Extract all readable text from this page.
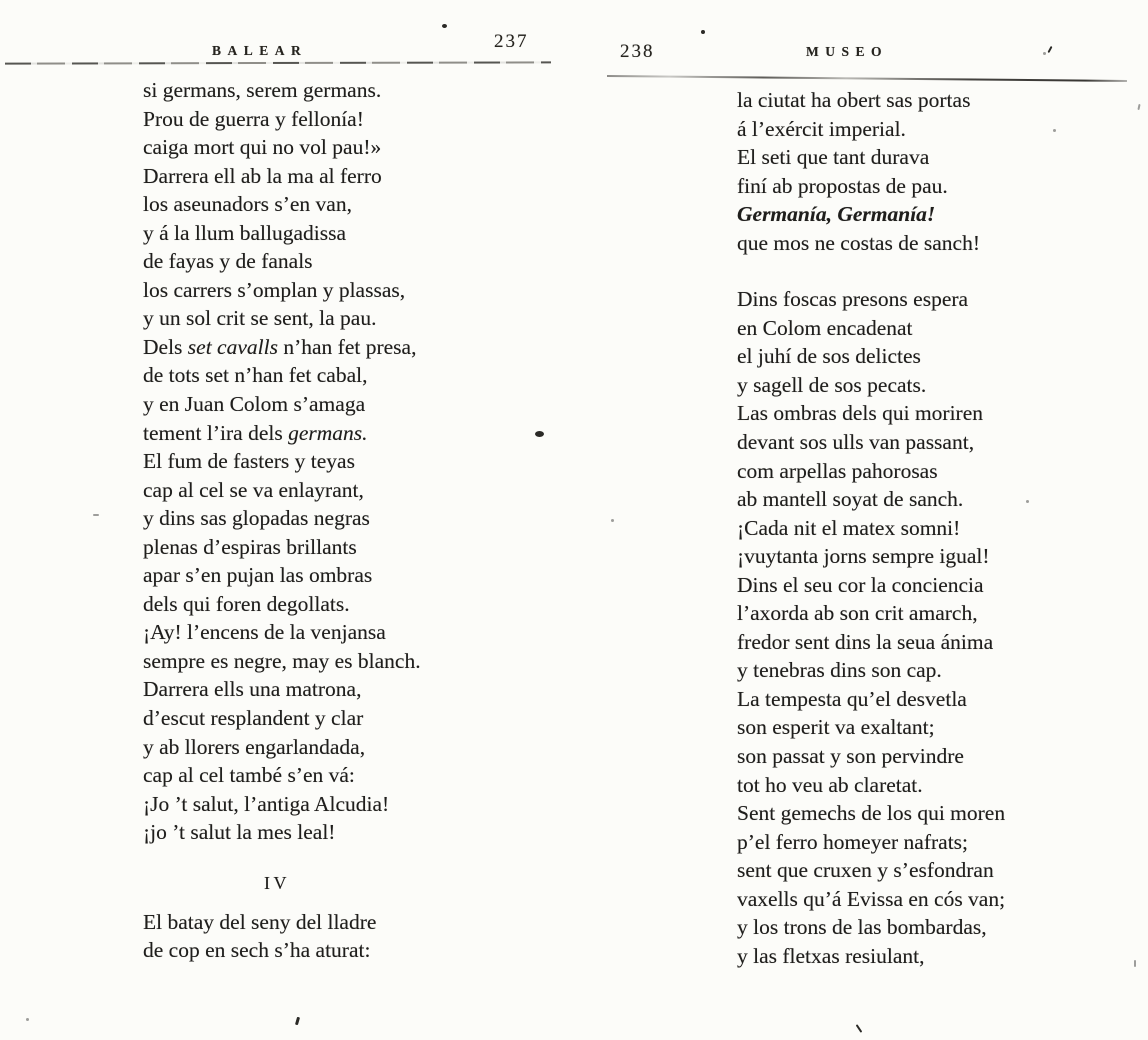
BALEAR	237	238	MUSEO
si germans, serem germans.
Prou de guerra y fellonía!
caiga mort qui no vol pau!»
Darrera ell ab la ma al ferro
los aseunadors s’en van,
y á la llum ballugadissa
de fayas y de fanals
los carrers s’omplan y plassas,
y un sol crit se sent, la pau.
Dels set cavalls n’han fet presa,
de tots set n’han fet cabal,
y en Juan Colom s’amaga
tement l’ira dels germans.
El fum de fasters y teyas
cap al cel se va enlayrant,
y dins sas glopadas negras
plenas d’espiras brillants
apar s’en pujan las ombras
dels qui foren degollats.
¡Ay! l’encens de la venjansa
sempre es negre, may es blanch.
Darrera ells una matrona,
d’escut resplandent y clar
y ab llorers engarlandada,
cap al cel també s’en vá:
¡Jo ’t salut, l’antiga Alcudia!
¡jo ’t salut la mes leal!
IV
El batay del seny del lladre
de cop en sech s’ha aturat:
la ciutat ha obert sas portas
á l’exércit imperial.
El seti que tant durava
finí ab propostas de pau.
Germanía, Germanía!
que mos ne costas de sanch!
Dins foscas presons espera
en Colom encadenat
el juhí de sos delictes
y sagell de sos pecats.
Las ombras dels qui moriren
devant sos ulls van passant,
com arpellas pahorosas
ab mantell soyat de sanch.
¡Cada nit el matex somni!
¡vuytanta jorns sempre igual!
Dins el seu cor la conciencia
l’axorda ab son crit amarch,
fredor sent dins la seua ánima
y tenebras dins son cap.
La tempesta qu’el desvetla
son esperit va exaltant;
son passat y son pervindre
tot ho veu ab claretat.
Sent gemechs de los qui moren
p’el ferro homeyer nafrats;
sent que cruxen y s’esfondran
vaxells qu’á Evissa en cós van;
y los trons de las bombardas,
y las fletxas resiulant,
